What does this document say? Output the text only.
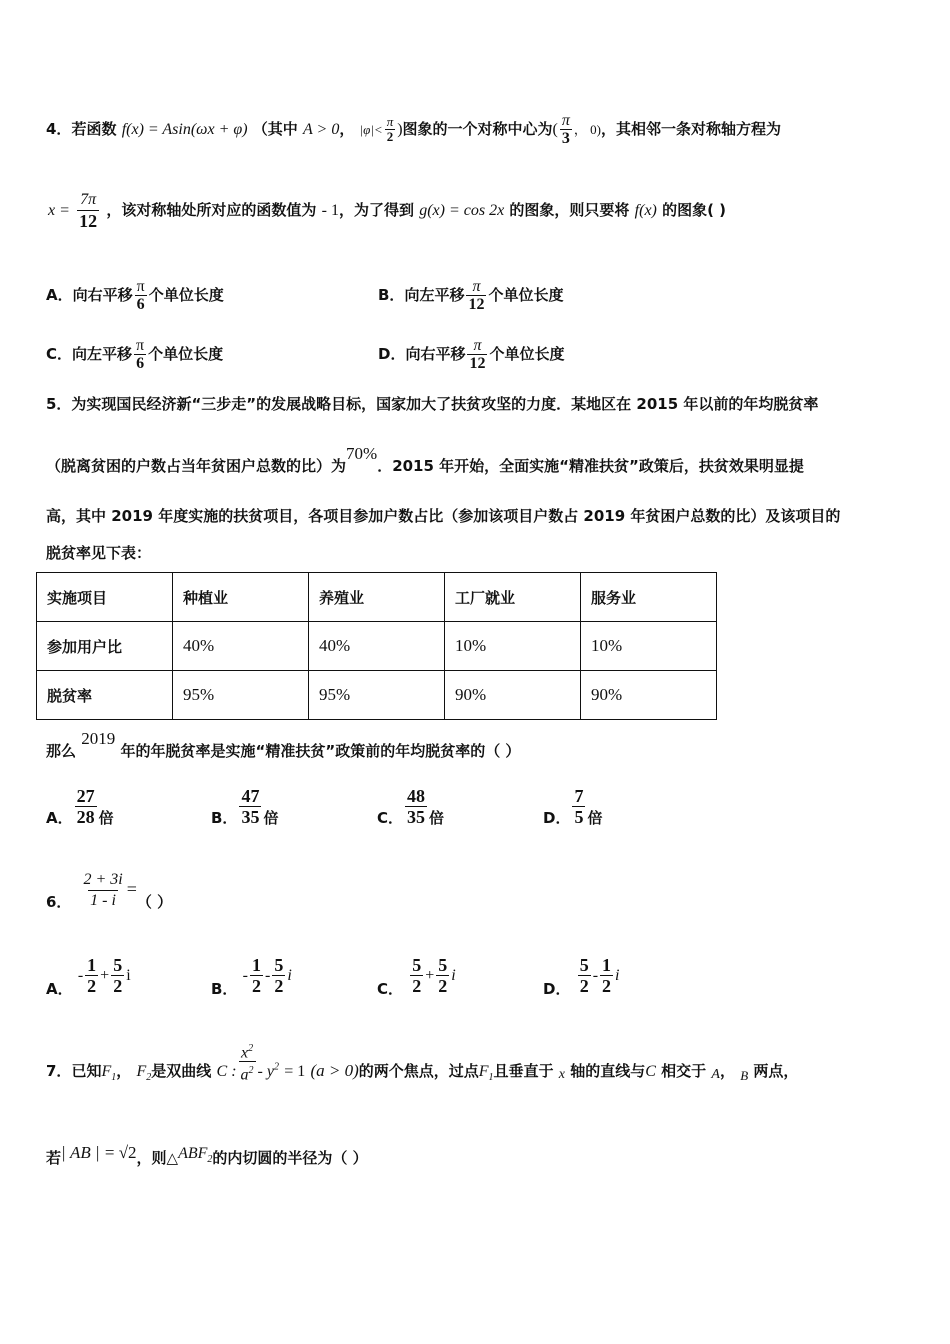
4．若函数 f(x) = Asin(ωx + φ) （其中 A > 0， $|\varphi|< \frac{\pi}{2}$ )图象的一个对称中心为( $\frac{\pi}{3}$ ， 0)，其相邻一条对称轴方程为
$x = \frac{7\pi}{12}$ ，该对称轴处所对应的函数值为 - 1，为了得到 g(x) = cos 2x 的图象，则只要将 f(x) 的图象( )
A．向右平移 $\frac{\pi}{6}$ 个单位长度	B．向左平移 $\frac{\pi}{12}$ 个单位长度
C．向左平移 $\frac{\pi}{6}$ 个单位长度	D．向右平移 $\frac{\pi}{12}$ 个单位长度
5．为实现国民经济新“三步走”的发展战略目标，国家加大了扶贫攻坚的力度．某地区在 2015 年以前的年均脱贫率
（脱离贫困的户数占当年贫困户总数的比）为70%．2015 年开始，全面实施“精准扶贫”政策后，扶贫效果明显提
高，其中 2019 年度实施的扶贫项目，各项目参加户数占比（参加该项目户数占 2019 年贫困户总数的比）及该项目的
脱贫率见下表：
实施项目	种植业	养殖业	工厂就业	服务业
参加用户比	40%	40%	10%	10%
脱贫率	95%	95%	90%	90%
那么 2019 年的年脱贫率是实施“精准扶贫”政策前的年均脱贫率的（ ）
A． $\frac{27}{28}$ 倍	B． $\frac{47}{35}$ 倍	C． $\frac{48}{35}$ 倍	D． $\frac{7}{5}$ 倍
6． $\frac{2 + 3i}{1 - i}$ =（ ）
A． - $\frac{1}{2} + \frac{5}{2}$ i
B． - $\frac{1}{2} - \frac{5}{2}$ i
C． $\frac{5}{2} + \frac{5}{2}$ i
D． $\frac{5}{2} - \frac{1}{2}$ i
7．已知$F_1$， $F_2$是双曲线 C : $\frac{x^2}{a^2} - y^2 = 1$ (a > 0)的两个焦点，过点$F_1$且垂直于 x 轴的直线与C 相交于 A， B 两点，
若| AB | = √2，则$\triangle ABF_2$的内切圆的半径为（ ）
